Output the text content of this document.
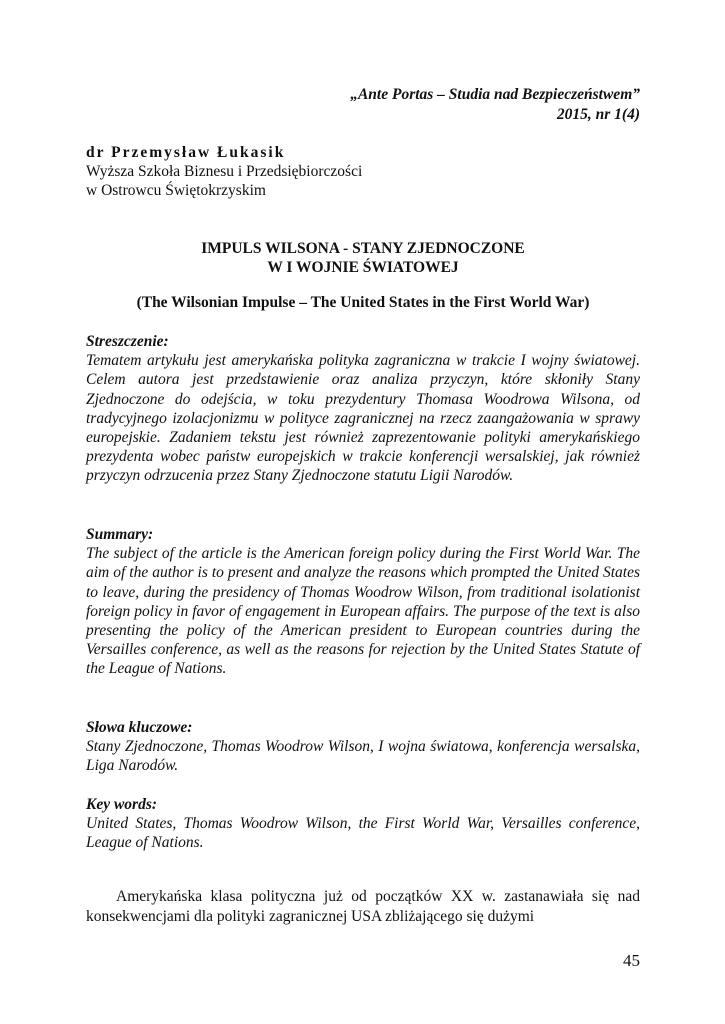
„Ante Portas – Studia nad Bezpieczeństwem”
2015, nr 1(4)
dr Przemysław Łukasik
Wyższa Szkoła Biznesu i Przedsiębiorczości
w Ostrowcu Świętokrzyskim
IMPULS WILSONA - STANY ZJEDNOCZONE
W I WOJNIE ŚWIATOWEJ
(The Wilsonian Impulse – The United States in the First World War)
Streszczenie:
Tematem artykułu jest amerykańska polityka zagraniczna w trakcie I wojny światowej. Celem autora jest przedstawienie oraz analiza przyczyn, które skłoniły Stany Zjednoczone do odejścia, w toku prezydentury Thomasa Woodrowa Wilsona, od tradycyjnego izolacjonizmu w polityce zagranicznej na rzecz zaangażowania w sprawy europejskie. Zadaniem tekstu jest również zaprezentowanie polityki amerykańskiego prezydenta wobec państw europejskich w trakcie konferencji wersalskiej, jak również przyczyn odrzucenia przez Stany Zjednoczone statutu Ligii Narodów.
Summary:
The subject of the article is the American foreign policy during the First World War. The aim of the author is to present and analyze the reasons which prompted the United States to leave, during the presidency of Thomas Woodrow Wilson, from traditional isolationist foreign policy in favor of engagement in European affairs. The purpose of the text is also presenting the policy of the American president to European countries during the Versailles conference, as well as the reasons for rejection by the United States Statute of the League of Nations.
Słowa kluczowe:
Stany Zjednoczone, Thomas Woodrow Wilson, I wojna światowa, konferencja wersalska, Liga Narodów.
Key words:
United States, Thomas Woodrow Wilson, the First World War, Versailles conference, League of Nations.
Amerykańska klasa polityczna już od początków XX w. zastanawiała się nad konsekwencjami dla polityki zagranicznej USA zbliżającego się dużymi
45
